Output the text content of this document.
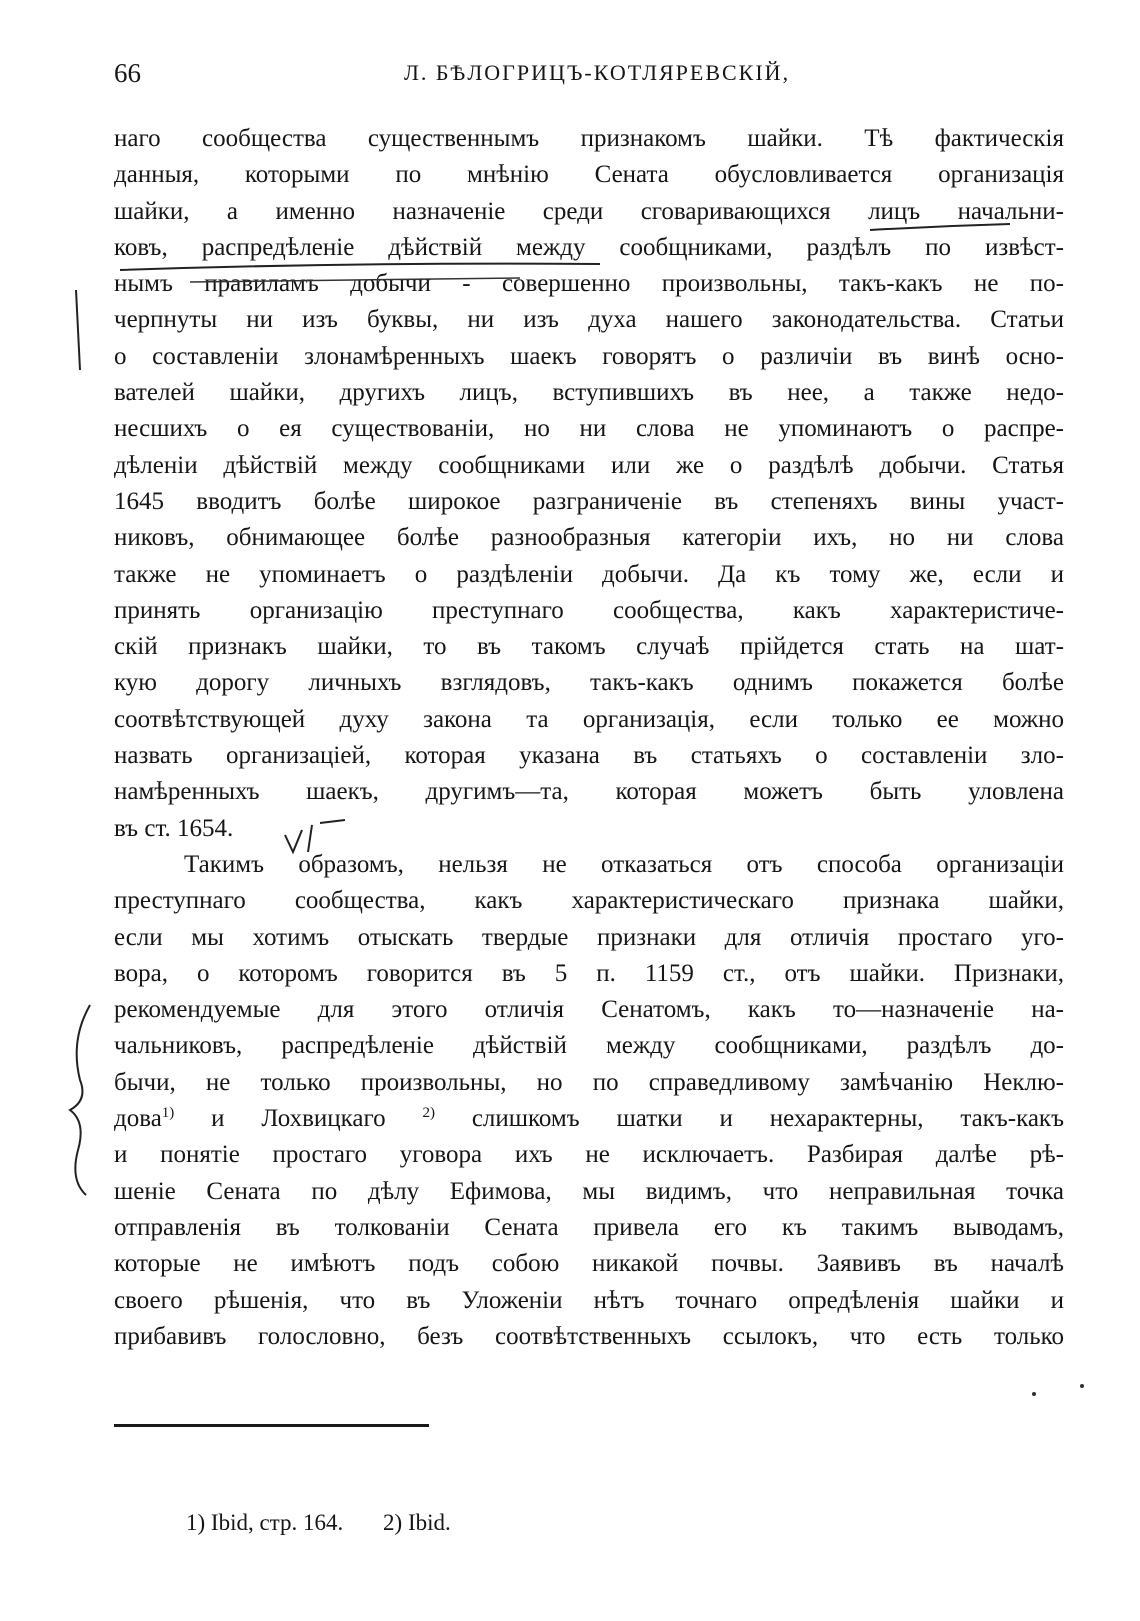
66	Л. БѢЛОГРИЦЪ-КОТЛЯРЕВСКІЙ,
наго сообщества существеннымъ признакомъ шайки. Тѣ фактическія
данныя, которыми по мнѣнію Сената обусловливается организація
шайки, а именно назначеніе среди сговаривающихся лицъ начальни-
ковъ, распредѣленіе дѣйствій между сообщниками, раздѣлъ по извѣст-
нымъ правиламъ добычи - совершенно произвольны, такъ-какъ не по-
черпнуты ни изъ буквы, ни изъ духа нашего законодательства. Статьи
о составленіи злонамѣренныхъ шаекъ говорятъ о различіи въ винѣ осно-
вателей шайки, другихъ лицъ, вступившихъ въ нее, а также недо-
несшихъ о ея существованіи, но ни слова не упоминаютъ о распре-
дѣленіи дѣйствій между сообщниками или же о раздѣлѣ добычи. Статья
1645 вводитъ болѣе широкое разграниченіе въ степеняхъ вины участ-
никовъ, обнимающее болѣе разнообразныя категоріи ихъ, но ни слова
также не упоминаетъ о раздѣленіи добычи. Да къ тому же, если и
принять организацію преступнаго сообщества, какъ характеристиче-
скій признакъ шайки, то въ такомъ случаѣ прійдется стать на шат-
кую дорогу личныхъ взглядовъ, такъ-какъ однимъ покажется болѣе
соотвѣтствующей духу закона та организація, если только ее можно
назвать организаціей, которая указана въ статьяхъ о составленіи зло-
намѣренныхъ шаекъ, другимъ—та, которая можетъ быть уловлена
въ ст. 1654.
Такимъ образомъ, нельзя не отказаться отъ способа организаціи
преступнаго сообщества, какъ характеристическаго признака шайки,
если мы хотимъ отыскать твердые признаки для отличія простаго уго-
вора, о которомъ говорится въ 5 п. 1159 ст., отъ шайки. Признаки,
рекомендуемые для этого отличія Сенатомъ, какъ то—назначеніе на-
чальниковъ, распредѣленіе дѣйствій между сообщниками, раздѣлъ до-
бычи, не только произвольны, но по справедливому замѣчанію Неклю-
дова$^{1)}$ и Лохвицкаго $^{2)}$ слишкомъ шатки и нехарактерны, такъ-какъ
и понятіе простаго уговора ихъ не исключаетъ. Разбирая далѣе рѣ-
шеніе Сената по дѣлу Ефимова, мы видимъ, что неправильная точка
отправленія въ толкованіи Сената привела его къ такимъ выводамъ,
которые не имѣютъ подъ собою никакой почвы. Заявивъ въ началѣ
своего рѣшенія, что въ Уложеніи нѣтъ точнаго опредѣленія шайки и
прибавивъ голословно, безъ соотвѣтственныхъ ссылокъ, что есть только
1) Ibid, стр. 164. 2) Ibid.
